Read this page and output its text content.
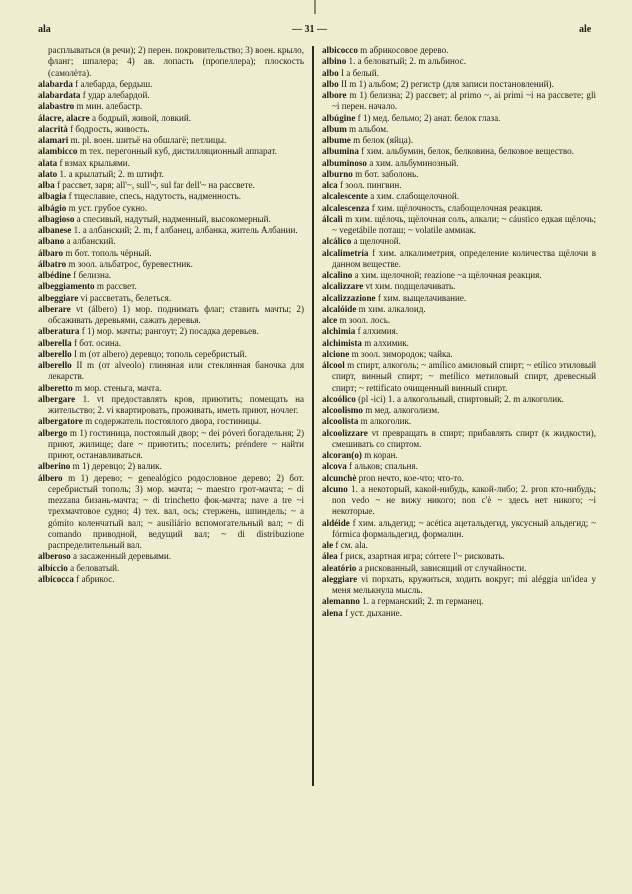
ala	— 31 —	ale

расплываться (в речи); 2) перен. покровительство; 3) воен. крыло, фланг; шпалера; 4) ав. лопасть (пропеллера); плоскость (самолёта).

alabarda f алебарда, бердыш.

alabardata f удар алебардой.

alabastro m мин. алебастр.

álacre, alacre a бодрый, живой, ловкий.

alacrità f бодрость, живость.

alamari m. pl. воен. шитьё на обшлагё; петлицы.

alambicco m тех. перегонный куб, дистилляционный аппарат.

alata f взмах крыльями.

alato 1. a крылатый; 2. m штифт.

alba f рассвет, заря; all'~, sull'~, sul far dell'~ на рассвете.

albagia f тщеславие, спесь, надутость, надменность.

albágio m уст. грубое сукно.

albagioso a спесивый, надутый, надменный, высокомерный.

albanese 1. a албанский; 2. m, f албанец, албанка, житель Албании.

albano a албанский.

álbaro m бот. тополь чёрный.

álbatro m зоол. альбатрос, буревестник.

albédine f белизна.

albeggiamento m рассвет.

albeggiare vi рассветать, белеться.

alberare vt (álbero) 1) мор. поднимать флаг; ставить мачты; 2) обсаживать деревьями, сажать деревья.

alberatura f 1) мор. мачты; рангоут; 2) посадка деревьев.

alberella f бот. осина.

alberello I m (от albero) деревцо; тополь серебристый.

alberello II m (от alveolo) глиняная или стеклянная баночка для лекарств.

alberetto m мор. стеньга, мачта.

albergare 1. vt предоставлять кров, приютить; помещать на жительство; 2. vi квартировать, проживать, иметь приют, ночлег.

albergatore m содержатель постоялого двора, гостиницы.

albergo m 1) гостиница, постоялый двор; ~ dei póveri богадельня; 2) приют, жилище; dare ~ приютить; поселить; préndere ~ найти приют, останавливаться.

alberino m 1) деревцо; 2) валик.

álbero m 1) дерево; ~ genealógico родословное дерево; 2) бот. серебристый тополь; 3) мор. мачта; ~ maestro грот-мачта; ~ di mezzana бизань-мачта; ~ di trinchetto фок-мачта; nave a tre ~i трехмачтовое судно; 4) тех. вал, ось; стержень, шпиндель; ~ a gómito коленчатый вал; ~ ausiliário вспомогательный вал; ~ di comando приводной, ведущий вал; ~ di distribuzione распределительный вал.

alberoso a засаженный деревьями.

albíccio a беловатый.

albicocca f абрикос.

albicocco m абрикосовое дерево.

albino 1. a беловатый; 2. m альбинос.

albo I a белый.

albo II m 1) альбом; 2) регистр (для записи постановлений).

albore m 1) белизна; 2) рассвет; al primo ~, ai primi ~i на рассвете; gli ~i перен. начало.

albúgine f 1) мед. бельмо; 2) анат. белок глаза.

album m альбом.

albume m белок (яйца).

albumina f хим. альбумин, белок, белковина, белковое вещество.

albuminoso a хим. альбуминозный.

alburno m бот. заболонь.

alca f зоол. пингвин.

alcalescente a хим. слабощелочной.

alcalescenza f хим. щёлочность, слабощелочная реакция.

álcali m хим. щёлочь, щёлочная соль, алкали; ~ cáustico едкая щёлочь; ~ vegetábile поташ; ~ volatile аммиак.

alcálico a щелочной.

alcalimetría f хим. алкалиметрия, определение количества щёлочи в данном веществе.

alcalino a хим. щелочной; reazione ~a щёлочная реакция.

alcalizzare vt хим. подщелачивать.

alcalizzazione f хим. выщелачивание.

alcalóide m хим. алкалоид.

alce m зоол. лось.

alchimia f алхимия.

alchimista m алхимик.

alcione m зоол. зимородок; чайка.

álcool m спирт, алкоголь; ~ amílico амиловый спирт; ~ etílico этиловый спирт, винный спирт; ~ metílico метиловый спирт, древесный спирт; ~ rettificato очищенный винный спирт.

alcoólico (pl -ici) 1. a алкогольный, спиртовый; 2. m алкоголик.

alcoolismo m мед. алкоголизм.

alcoolista m алкоголик.

alcoolizzare vt превращать в спирт; прибавлять спирт (к жидкости), смешивать со спиртом.

alcoran(o) m коран.

alcova f альков; спальня.

alcunchè pron нечто, кое-что; что-то.

alcuno 1. a некоторый, какой-нибудь, какой-либо; 2. pron кто-нибудь; non vedo ~ не вижу никого; non c'è ~ здесь нет никого; ~i некоторые.

aldéide f хим. альдегид; ~ acética ацетальдегид, уксусный альдегид; ~ fórmica формальдегид, формалин.

ale f см. ala.

álea f риск, азартная игра; córrere l'~ рисковать.

aleatório a рискованный, зависящий от случайности.

aleggiare vi порхать, кружиться, ходить вокруг; mi aléggia un'idea у меня мелькнула мысль.

alemanno 1. a германский; 2. m германец.

alena f уст. дыхание.
